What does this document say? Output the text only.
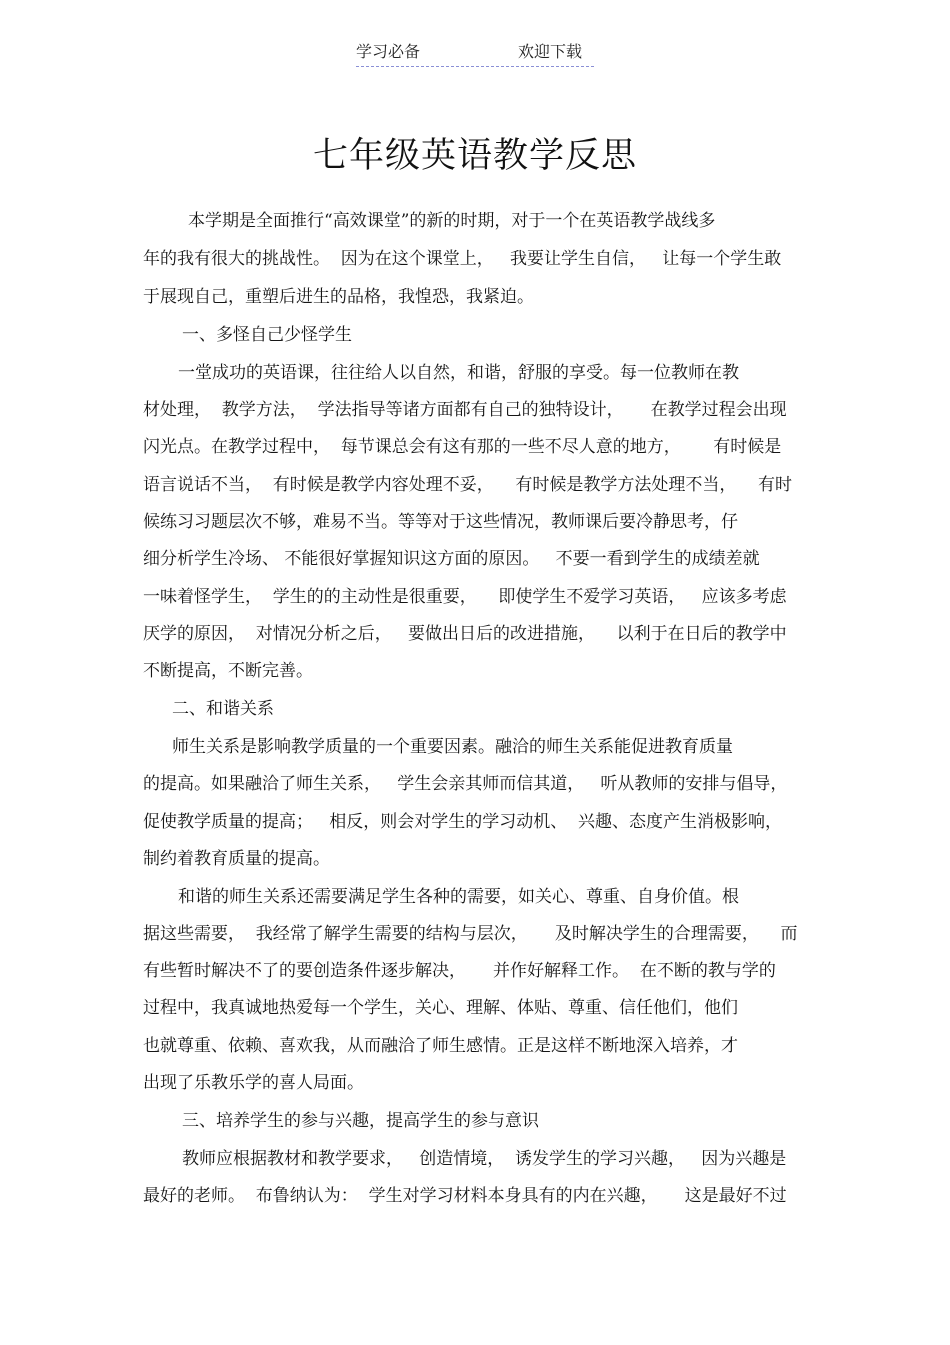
学习必备	欢迎下载
七年级英语教学反思
本学期是全面推行“高效课堂”的新的时期，对于一个在英语教学战线多
年的我有很大的挑战性。  因为在这个课堂上，   我要让学生自信，   让每一个学生敢
于展现自己，重塑后进生的品格，我惶恐，我紧迫。
一、多怪自己少怪学生
一堂成功的英语课，往往给人以自然，和谐，舒服的享受。每一位教师在教
材处理，  教学方法，  学法指导等诸方面都有自己的独特设计，     在教学过程会出现
闪光点。在教学过程中，  每节课总会有这有那的一些不尽人意的地方，      有时候是
语言说话不当，  有时候是教学内容处理不妥，    有时候是教学方法处理不当，    有时
候练习习题层次不够，难易不当。等等对于这些情况，教师课后要冷静思考，仔
细分析学生冷场、 不能很好掌握知识这方面的原因。   不要一看到学生的成绩差就
一味着怪学生，  学生的的主动性是很重要，    即使学生不爱学习英语，   应该多考虑
厌学的原因，  对情况分析之后，   要做出日后的改进措施，    以利于在日后的教学中
不断提高，不断完善。
二、和谐关系
师生关系是影响教学质量的一个重要因素。融洽的师生关系能促进教育质量
的提高。如果融洽了师生关系，   学生会亲其师而信其道，   听从教师的安排与倡导，
促使教学质量的提高；   相反，则会对学生的学习动机、  兴趣、态度产生消极影响，
制约着教育质量的提高。
和谐的师生关系还需要满足学生各种的需要，如关心、尊重、自身价值。根
据这些需要，  我经常了解学生需要的结构与层次，     及时解决学生的合理需要，    而
有些暂时解决不了的要创造条件逐步解决，     并作好解释工作。  在不断的教与学的
过程中，我真诚地热爱每一个学生，关心、理解、体贴、尊重、信任他们，他们
也就尊重、依赖、喜欢我，从而融洽了师生感情。正是这样不断地深入培养，才
出现了乐教乐学的喜人局面。
三、培养学生的参与兴趣，提高学生的参与意识
教师应根据教材和教学要求，   创造情境，  诱发学生的学习兴趣，   因为兴趣是
最好的老师。  布鲁纳认为：  学生对学习材料本身具有的内在兴趣，     这是最好不过
